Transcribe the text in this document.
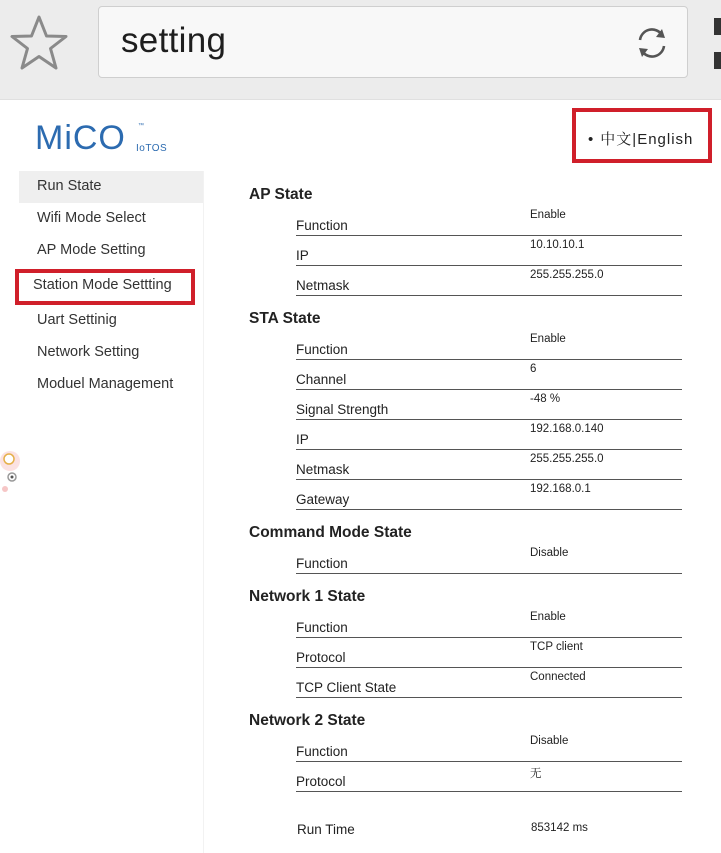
setting
MiCO IoTOS
™
• 中文|English
Run State
Wifi Mode Select
AP Mode Setting
Station Mode Settting
Uart Settinig
Network Setting
Moduel Management
AP State
Function	Enable
IP	10.10.10.1
Netmask	255.255.255.0
STA State
Function	Enable
Channel	6
Signal Strength	-48 %
IP	192.168.0.140
Netmask	255.255.255.0
Gateway	192.168.0.1
Command Mode State
Function	Disable
Network 1 State
Function	Enable
Protocol	TCP client
TCP Client State	Connected
Network 2 State
Function	Disable
Protocol	无
Run Time	853142 ms
